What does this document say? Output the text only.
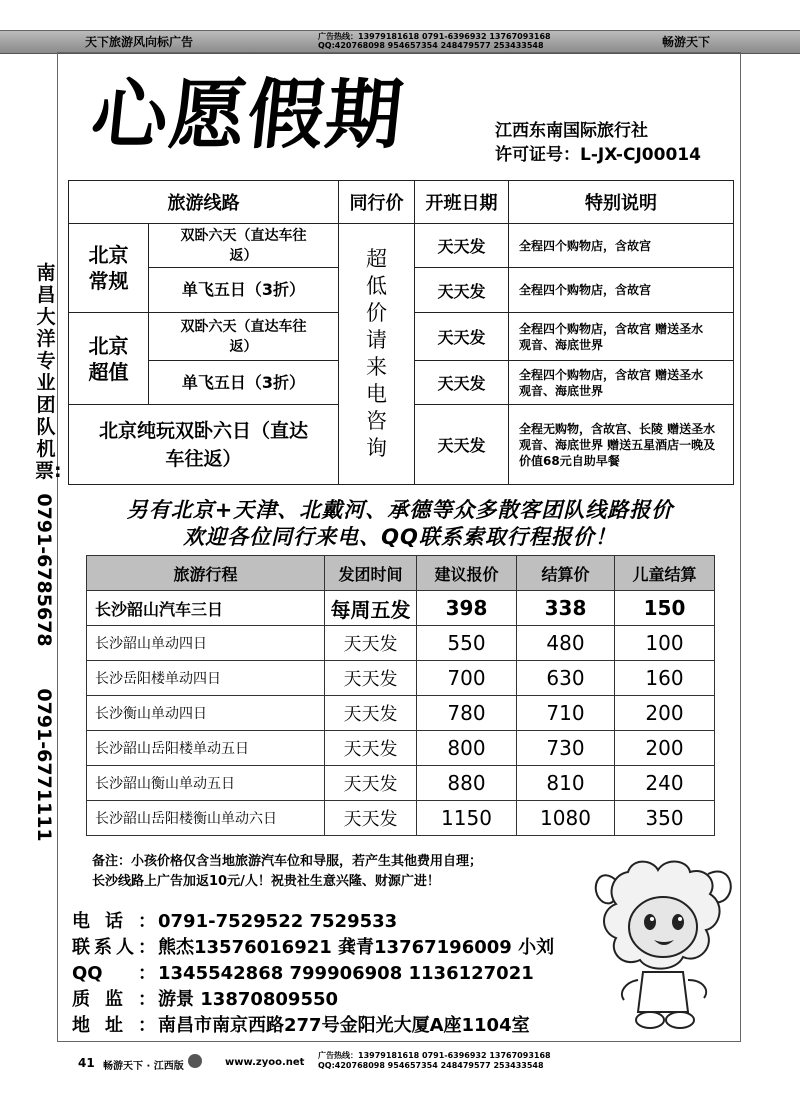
天下旅游风向标广告	广告热线：13979181618 0791-6396932 13767093168
QQ:420768098 954657354 248479577 253433548	畅游天下
心愿假期	江西东南国际旅行社
许可证号：L-JX-CJ00014
南昌大洋专业团队机票:
0791-6785678
0791-6771111
旅游线路		同行价	开班日期	特别说明

北京常规	双卧六天（直达车往返）	超低价请来电咨询	天天发	全程四个购物店，含故宫
	单飞五日（3折）		天天发	全程四个购物店，含故宫

北京超值	双卧六天（直达车往返）		天天发	全程四个购物店，含故宫 赠送圣水观音、海底世界

	单飞五日（3折）		天天发	全程四个购物店，含故宫 赠送圣水观音、海底世界

北京纯玩双卧六日（直达车往返）			天天发	全程无购物，含故宫、长陵 赠送圣水观音、海底世界 赠送五星酒店一晚及价值68元自助早餐
另有北京+天津、北戴河、承德等众多散客团队线路报价
欢迎各位同行来电、QQ联系索取行程报价！
旅游行程	发团时间	建议报价	结算价	儿童结算
长沙韶山汽车三日	每周五发	398	338	150
长沙韶山单动四日	天天发	550	480	100
长沙岳阳楼单动四日	天天发	700	630	160
长沙衡山单动四日	天天发	780	710	200
长沙韶山岳阳楼单动五日	天天发	800	730	200
长沙韶山衡山单动五日	天天发	880	810	240
长沙韶山岳阳楼衡山单动六日	天天发	1150	1080	350
备注：小孩价格仅含当地旅游汽车位和导服，若产生其他费用自理；
长沙线路上广告加返10元/人！祝贵社生意兴隆、财源广进！
电话： 0791-7529522 7529533
联系人： 熊杰13576016921 龚青13767196009 小刘
QQ： 1345542868 799906908 1136127021
质监： 游景 13870809550
地址： 南昌市南京西路277号金阳光大厦A座1104室
41 畅游天下 · 江西版	www.zyoo.net
广告热线：13979181618 0791-6396932 13767093168
QQ:420768098 954657354 248479577 253433548
